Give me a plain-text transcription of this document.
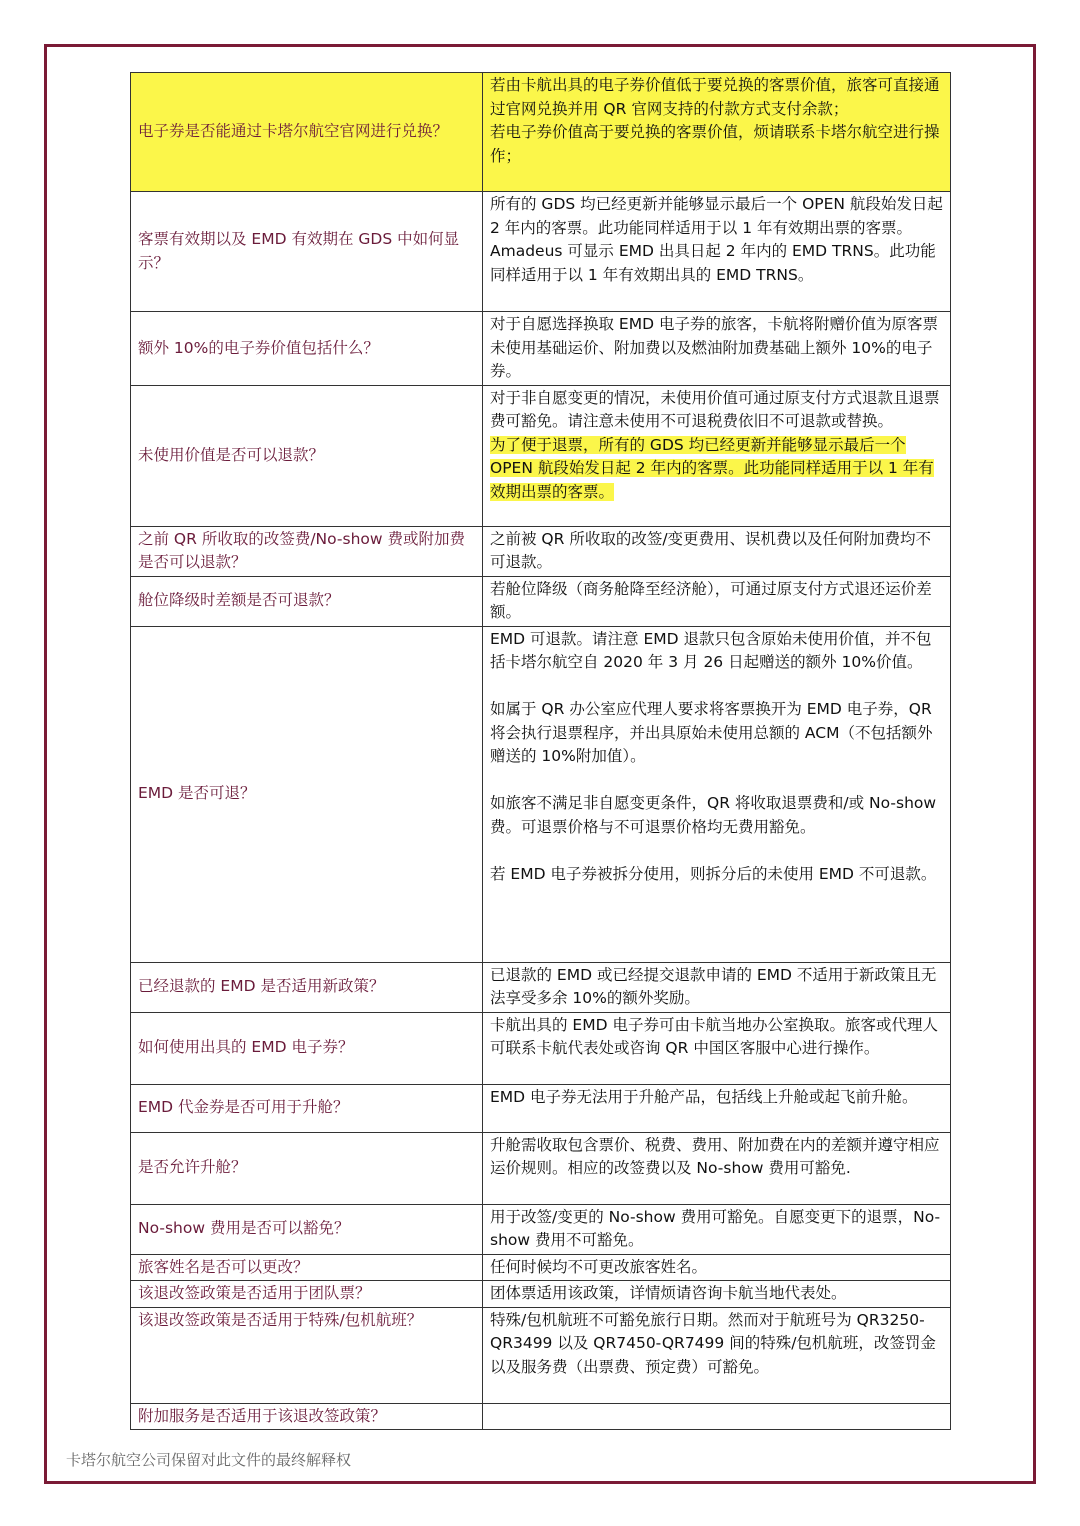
电子券是否能通过卡塔尔航空官网进行兑换？	若由卡航出具的电子券价值低于要兑换的客票价值，旅客可直接通过官网兑换并用 QR 官网支持的付款方式支付余款；

若电子券价值高于要兑换的客票价值，烦请联系卡塔尔航空进行操作；

客票有效期以及 EMD 有效期在 GDS 中如何显示？	所有的 GDS 均已经更新并能够显示最后一个 OPEN 航段始发日起 2 年内的客票。此功能同样适用于以 1 年有效期出票的客票。

Amadeus 可显示 EMD 出具日起 2 年内的 EMD TRNS。此功能同样适用于以 1 年有效期出具的 EMD TRNS。

额外 10%的电子券价值包括什么？	对于自愿选择换取 EMD 电子券的旅客，卡航将附赠价值为原客票未使用基础运价、附加费以及燃油附加费基础上额外 10%的电子券。

未使用价值是否可以退款？	对于非自愿变更的情况，未使用价值可通过原支付方式退款且退票费可豁免。请注意未使用不可退税费依旧不可退款或替换。

为了便于退票，所有的 GDS 均已经更新并能够显示最后一个 OPEN 航段始发日起 2 年内的客票。此功能同样适用于以 1 年有效期出票的客票。

之前 QR 所收取的改签费/No-show 费或附加费是否可以退款？	之前被 QR 所收取的改签/变更费用、误机费以及任何附加费均不可退款。

舱位降级时差额是否可退款？	若舱位降级（商务舱降至经济舱），可通过原支付方式退还运价差额。

EMD 是否可退？	EMD 可退款。请注意 EMD 退款只包含原始未使用价值，并不包括卡塔尔航空自 2020 年 3 月 26 日起赠送的额外 10%价值。

如属于 QR 办公室应代理人要求将客票换开为 EMD 电子券，QR 将会执行退票程序，并出具原始未使用总额的 ACM（不包括额外赠送的 10%附加值）。

如旅客不满足非自愿变更条件，QR 将收取退票费和/或 No-show 费。可退票价格与不可退票价格均无费用豁免。

若 EMD 电子券被拆分使用，则拆分后的未使用 EMD 不可退款。

已经退款的 EMD 是否适用新政策？	已退款的 EMD 或已经提交退款申请的 EMD 不适用于新政策且无法享受多余 10%的额外奖励。

如何使用出具的 EMD 电子券？	卡航出具的 EMD 电子券可由卡航当地办公室换取。旅客或代理人可联系卡航代表处或咨询 QR 中国区客服中心进行操作。

EMD 代金券是否可用于升舱？	EMD 电子券无法用于升舱产品，包括线上升舱或起飞前升舱。

是否允许升舱？	升舱需收取包含票价、税费、费用、附加费在内的差额并遵守相应运价规则。相应的改签费以及 No-show 费用可豁免.

No-show 费用是否可以豁免？	用于改签/变更的 No-show 费用可豁免。自愿变更下的退票，No-show 费用不可豁免。

旅客姓名是否可以更改？	任何时候均不可更改旅客姓名。

该退改签政策是否适用于团队票？	团体票适用该政策，详情烦请咨询卡航当地代表处。

该退改签政策是否适用于特殊/包机航班？	特殊/包机航班不可豁免旅行日期。然而对于航班号为 QR3250-QR3499 以及 QR7450-QR7499 间的特殊/包机航班，改签罚金以及服务费（出票费、预定费）可豁免。

附加服务是否适用于该退改签政策？	
卡塔尔航空公司保留对此文件的最终解释权
